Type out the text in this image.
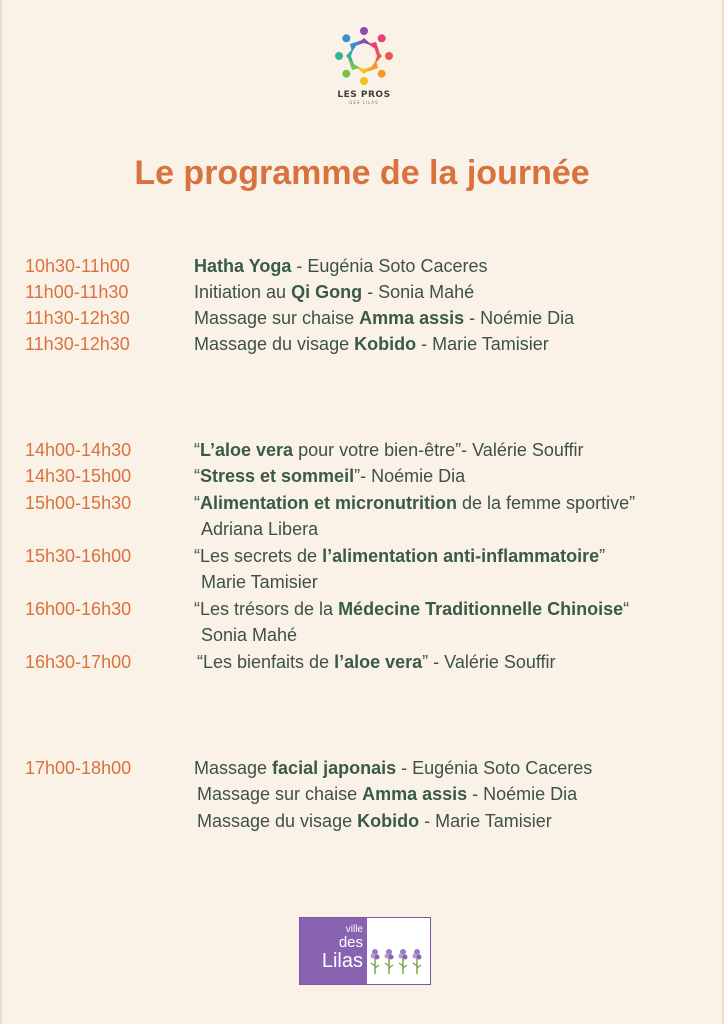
LES PROS
DES LILAS
Le programme de la journée
10h30-11h00	Hatha Yoga - Eugénia Soto Caceres
11h00-11h30	Initiation au Qi Gong - Sonia Mahé
11h30-12h30	Massage sur chaise Amma assis - Noémie Dia
11h30-12h30	Massage du visage Kobido - Marie Tamisier
14h00-14h30	“L’aloe vera pour votre bien-être”- Valérie Souffir
14h30-15h00	“Stress et sommeil”- Noémie Dia
15h00-15h30	“Alimentation et micronutrition de la femme sportive”
Adriana Libera
15h30-16h00	“Les secrets de l’alimentation anti-inflammatoire”
Marie Tamisier
16h00-16h30	“Les trésors de la Médecine Traditionnelle Chinoise“
Sonia Mahé
16h30-17h00	“Les bienfaits de l’aloe vera” - Valérie Souffir
17h00-18h00	Massage facial japonais - Eugénia Soto Caceres
Massage sur chaise Amma assis - Noémie Dia
Massage du visage Kobido - Marie Tamisier
ville
des
Lilas
